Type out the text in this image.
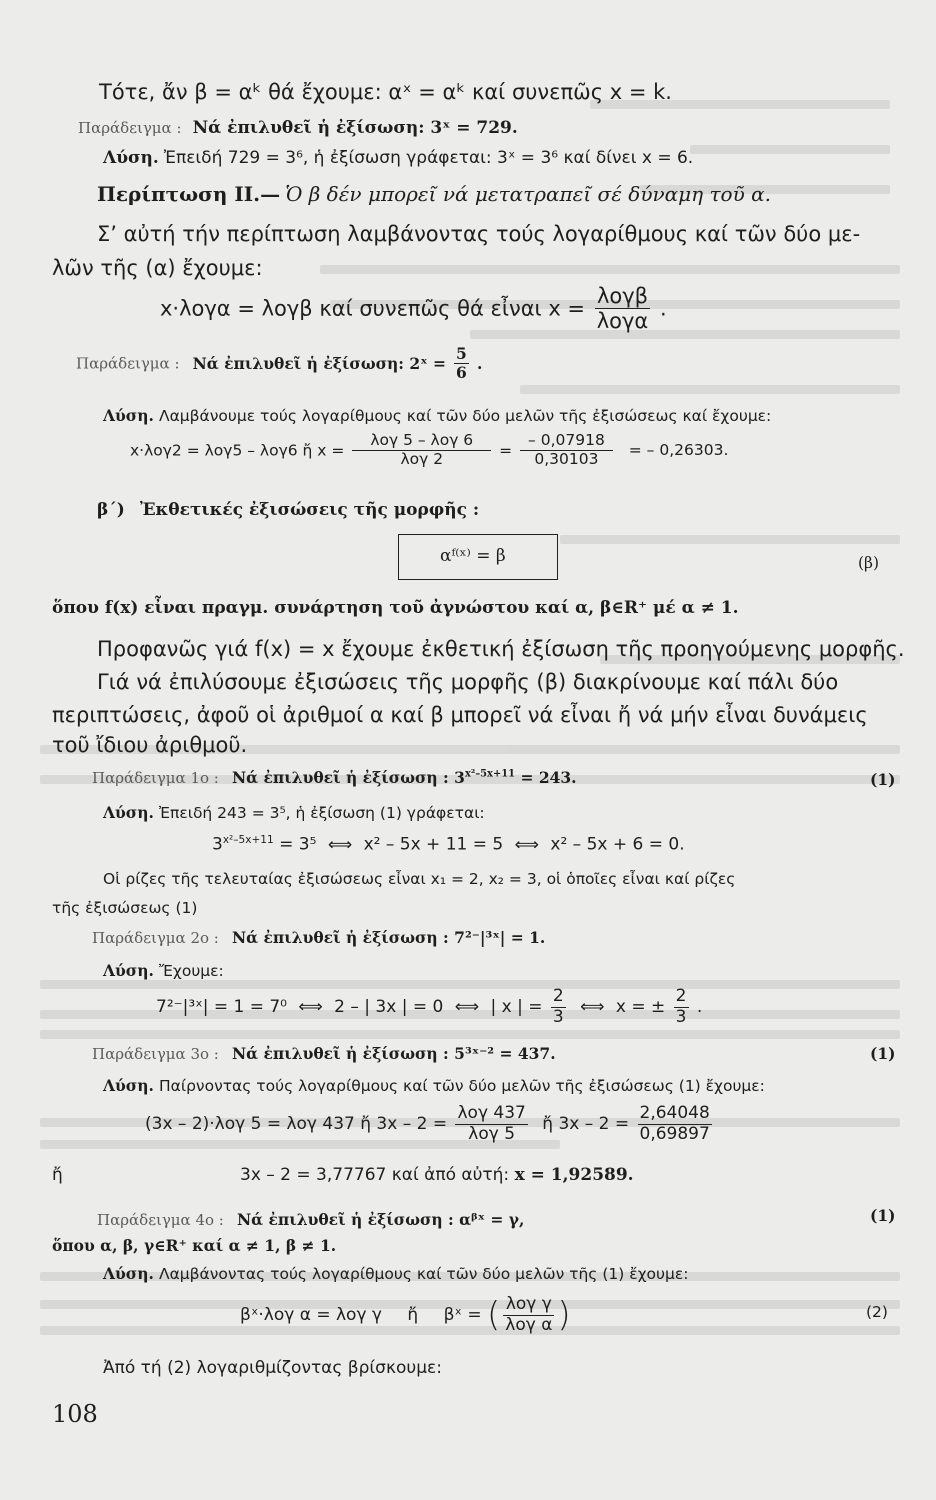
Τότε, ἄν β = αᵏ θά ἔχουμε: αˣ = αᵏ καί συνεπῶς x = k.
Παράδειγμα : Νά ἐπιλυθεῖ ἡ ἐξίσωση: 3ˣ = 729.
Λύση. Ἐπειδή 729 = 3⁶, ἡ ἐξίσωση γράφεται: 3ˣ = 3⁶ καί δίνει x = 6.
Περίπτωση II.— Ὁ β δέν μπορεῖ νά μετατραπεῖ σέ δύναμη τοῦ α.
Σ’ αὐτή τήν περίπτωση λαμβάνοντας τούς λογαρίθμους καί τῶν δύο με-
λῶν τῆς (α) ἔχουμε:
x·λογα = λογβ καί συνεπῶς θά εἶναι $x = \frac{\text{λογβ}}{\text{λογα}}$ .
Παράδειγμα : Νά ἐπιλυθεῖ ἡ ἐξίσωση: 2ˣ = $\frac{5}{6}$ .
Λύση. Λαμβάνουμε τούς λογαρίθμους καί τῶν δύο μελῶν τῆς ἐξισώσεως καί ἔχουμε:
x·λογ2 = λογ5 – λογ6 ἤ $x = \frac{\text{λογ 5 – λογ 6}}{\text{λογ 2}} = \frac{- 0,07918}{0,30103}$ = – 0,26303.
β΄) Ἐκθετικές ἐξισώσεις τῆς μορφῆς :
αᶠ⁽ˣ⁾ = β	(β)
ὅπου f(x) εἶναι πραγμ. συνάρτηση τοῦ ἀγνώστου καί α, β∈R⁺ μέ α ≠ 1.
Προφανῶς γιά f(x) = x ἔχουμε ἐκθετική ἐξίσωση τῆς προηγούμενης μορφῆς.
Γιά νά ἐπιλύσουμε ἐξισώσεις τῆς μορφῆς (β) διακρίνουμε καί πάλι δύο
περιπτώσεις, ἀφοῦ οἱ ἀριθμοί α καί β μπορεῖ νά εἶναι ἤ νά μήν εἶναι δυνάμεις
τοῦ ἴδιου ἀριθμοῦ.
Παράδειγμα 1ο : Νά ἐπιλυθεῖ ἡ ἐξίσωση : $3^{x^2-5x+11} = 243$.	(1)
Λύση. Ἐπειδή 243 = 3⁵, ἡ ἐξίσωση (1) γράφεται:
$3^{x^2-5x+11} = 3^5$ ⟺ x² – 5x + 11 = 5 ⟺ x² – 5x + 6 = 0.
Οἱ ρίζες τῆς τελευταίας ἐξισώσεως εἶναι x₁ = 2, x₂ = 3, οἱ ὁποῖες εἶναι καί ρίζες
τῆς ἐξισώσεως (1)
Παράδειγμα 2ο : Νά ἐπιλυθεῖ ἡ ἐξίσωση : 7²⁻|³ˣ| = 1.
Λύση. Ἔχουμε:
7²⁻|³ˣ| = 1 = 7⁰ ⟺ 2 – | 3x | = 0 ⟺ | x | = $\frac{2}{3}$ ⟺ x = ± $\frac{2}{3}$ .
Παράδειγμα 3ο : Νά ἐπιλυθεῖ ἡ ἐξίσωση : 5³ˣ⁻² = 437.	(1)
Λύση. Παίρνοντας τούς λογαρίθμους καί τῶν δύο μελῶν τῆς ἐξισώσεως (1) ἔχουμε:
(3x – 2)·λογ 5 = λογ 437 ἤ $3x - 2 = \frac{\text{λογ 437}}{\text{λογ 5}}$ ἤ $3x - 2 = \frac{2,64048}{0,69897}$
ἤ	3x – 2 = 3,77767 καί ἀπό αὐτή: x = 1,92589.
Παράδειγμα 4ο : Νά ἐπιλυθεῖ ἡ ἐξίσωση : αᵝˣ = γ,	(1)
ὅπου α, β, γ∈R⁺ καί α ≠ 1, β ≠ 1.
Λύση. Λαμβάνοντας τούς λογαρίθμους καί τῶν δύο μελῶν τῆς (1) ἔχουμε:
βˣ·λογ α = λογ γ ἤ βˣ = ( $\frac{\text{λογ γ}}{\text{λογ α}}$ )	(2)
Ἀπό τή (2) λογαριθμίζοντας βρίσκουμε:
108
